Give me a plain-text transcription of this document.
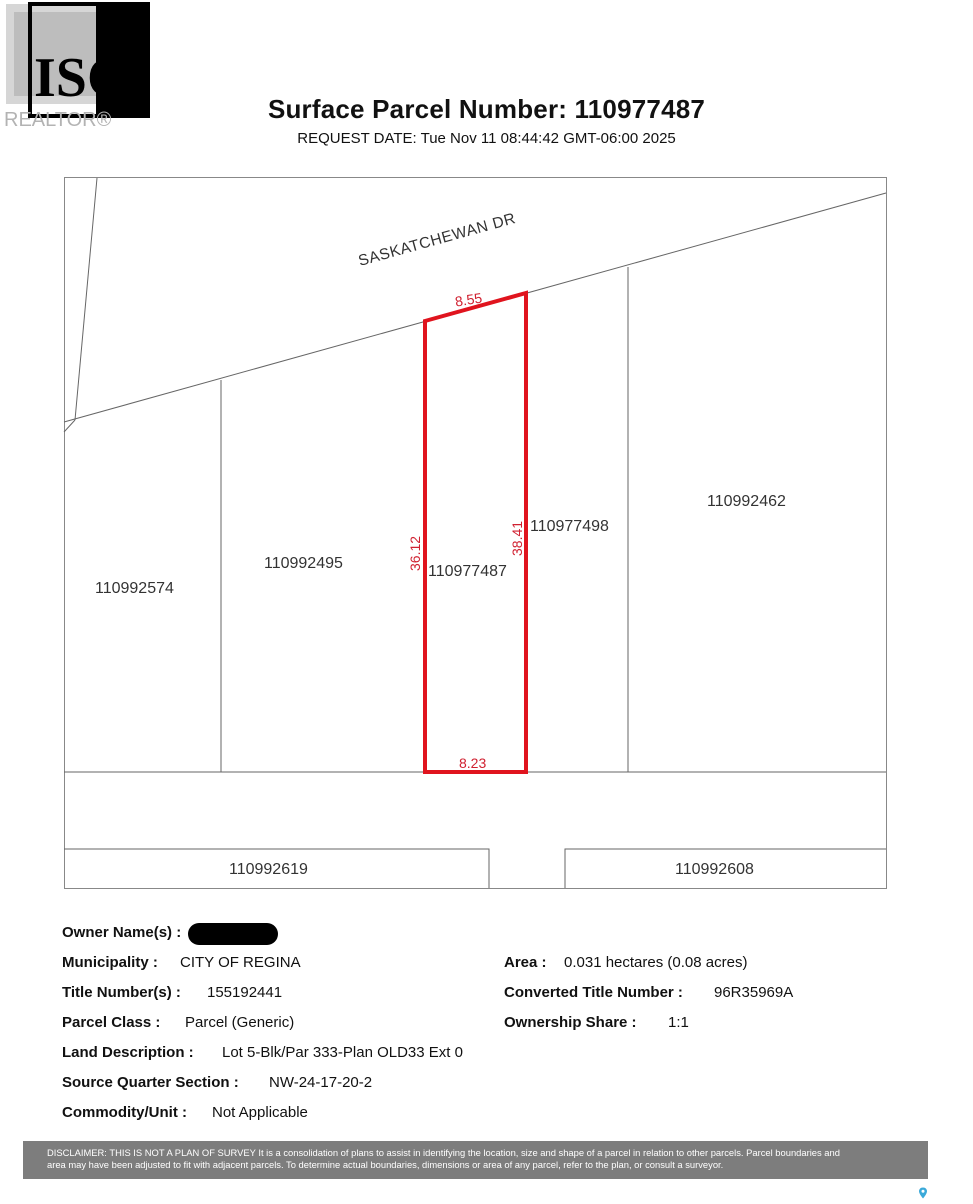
ISC
REALTOR®	Surface Parcel Number: 110977487
REQUEST DATE: Tue Nov 11 08:44:42 GMT-06:00 2025
SASKATCHEWAN DR
8.55
36.12	38.41
8.23
110977487
110992574
110992495
110977498
110992462
110992619	110992608
Owner Name(s) :
Municipality : CITY OF REGINA
Title Number(s) : 155192441
Parcel Class : Parcel (Generic)
Land Description : Lot 5-Blk/Par 333-Plan OLD33 Ext 0
Source Quarter Section : NW-24-17-20-2
Commodity/Unit : Not Applicable
Area : 0.031 hectares (0.08 acres)
Converted Title Number : 96R35969A
Ownership Share : 1:1
DISCLAIMER: THIS IS NOT A PLAN OF SURVEY It is a consolidation of plans to assist in identifying the location, size and shape of a parcel in relation to other parcels. Parcel boundaries and
area may have been adjusted to fit with adjacent parcels. To determine actual boundaries, dimensions or area of any parcel, refer to the plan, or consult a surveyor.
